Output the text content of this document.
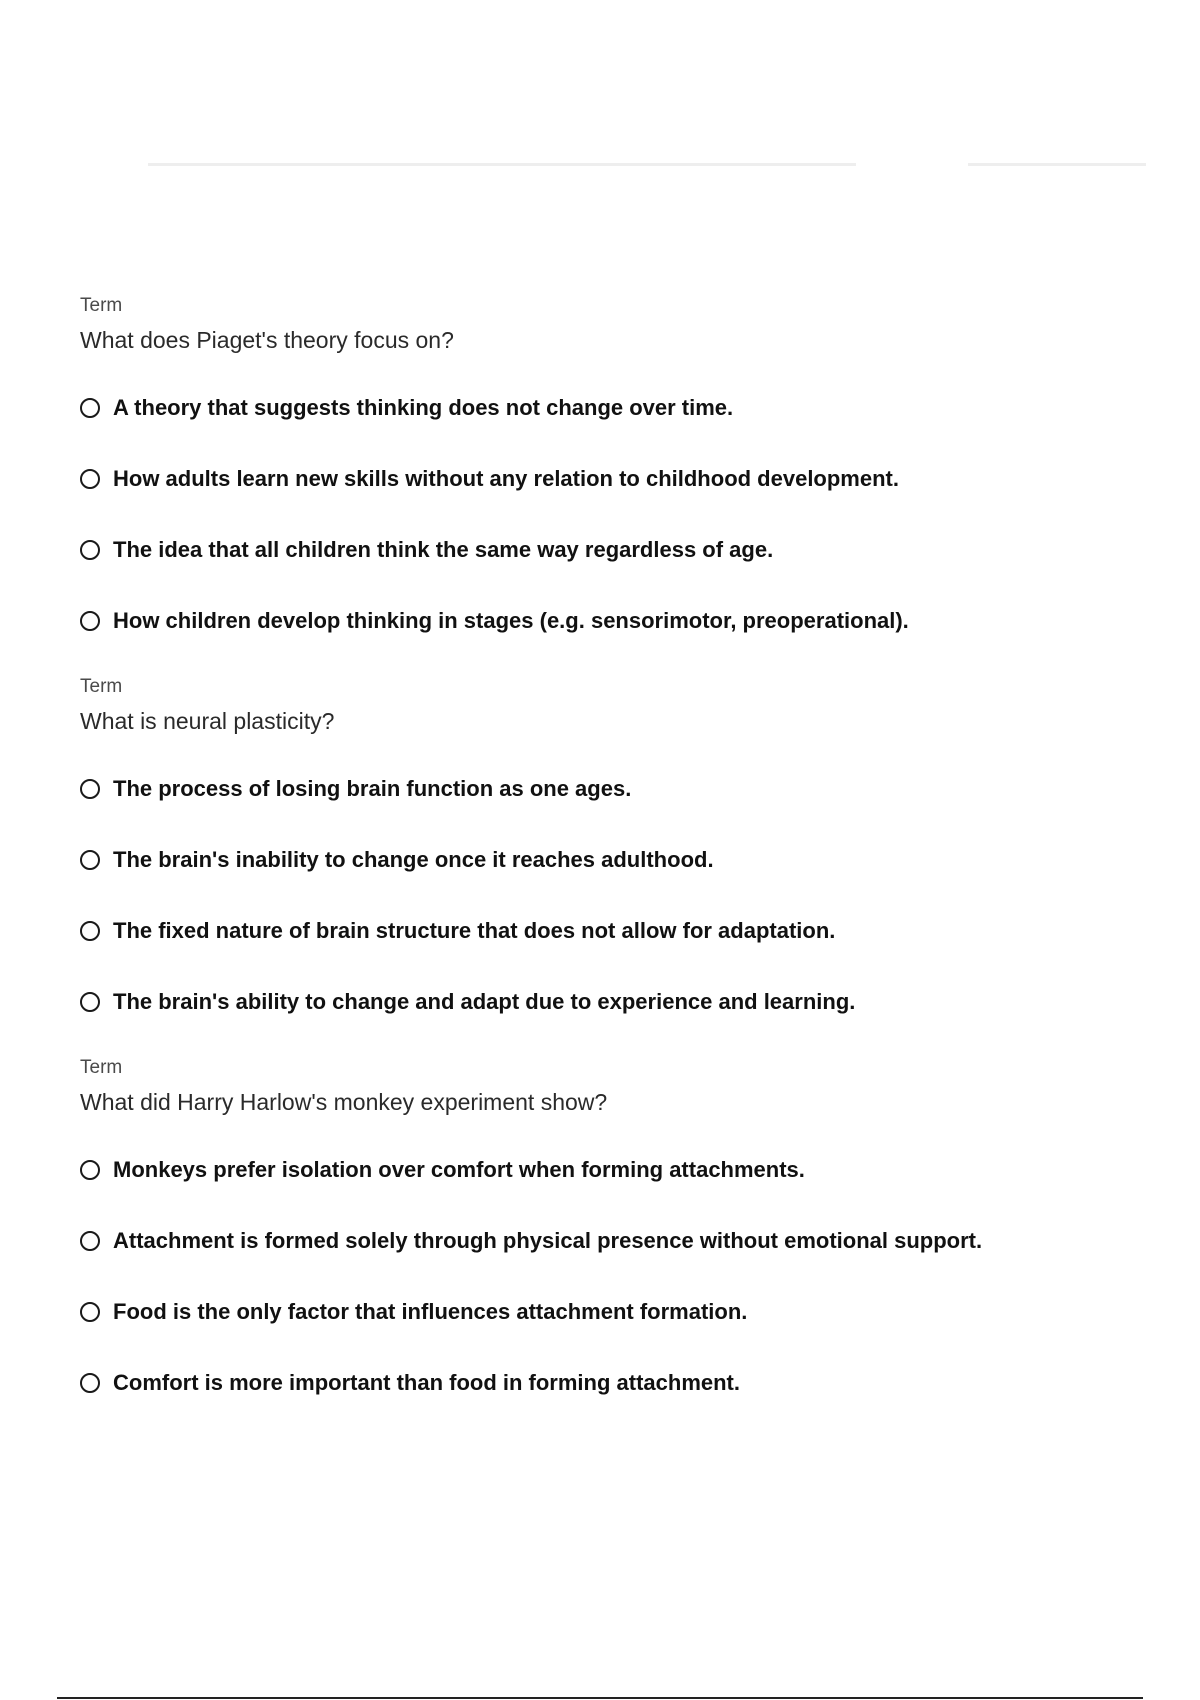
Term
What does Piaget's theory focus on?
A theory that suggests thinking does not change over time.
How adults learn new skills without any relation to childhood development.
The idea that all children think the same way regardless of age.
How children develop thinking in stages (e.g. sensorimotor, preoperational).
Term
What is neural plasticity?
The process of losing brain function as one ages.
The brain's inability to change once it reaches adulthood.
The fixed nature of brain structure that does not allow for adaptation.
The brain's ability to change and adapt due to experience and learning.
Term
What did Harry Harlow's monkey experiment show?
Monkeys prefer isolation over comfort when forming attachments.
Attachment is formed solely through physical presence without emotional support.
Food is the only factor that influences attachment formation.
Comfort is more important than food in forming attachment.
